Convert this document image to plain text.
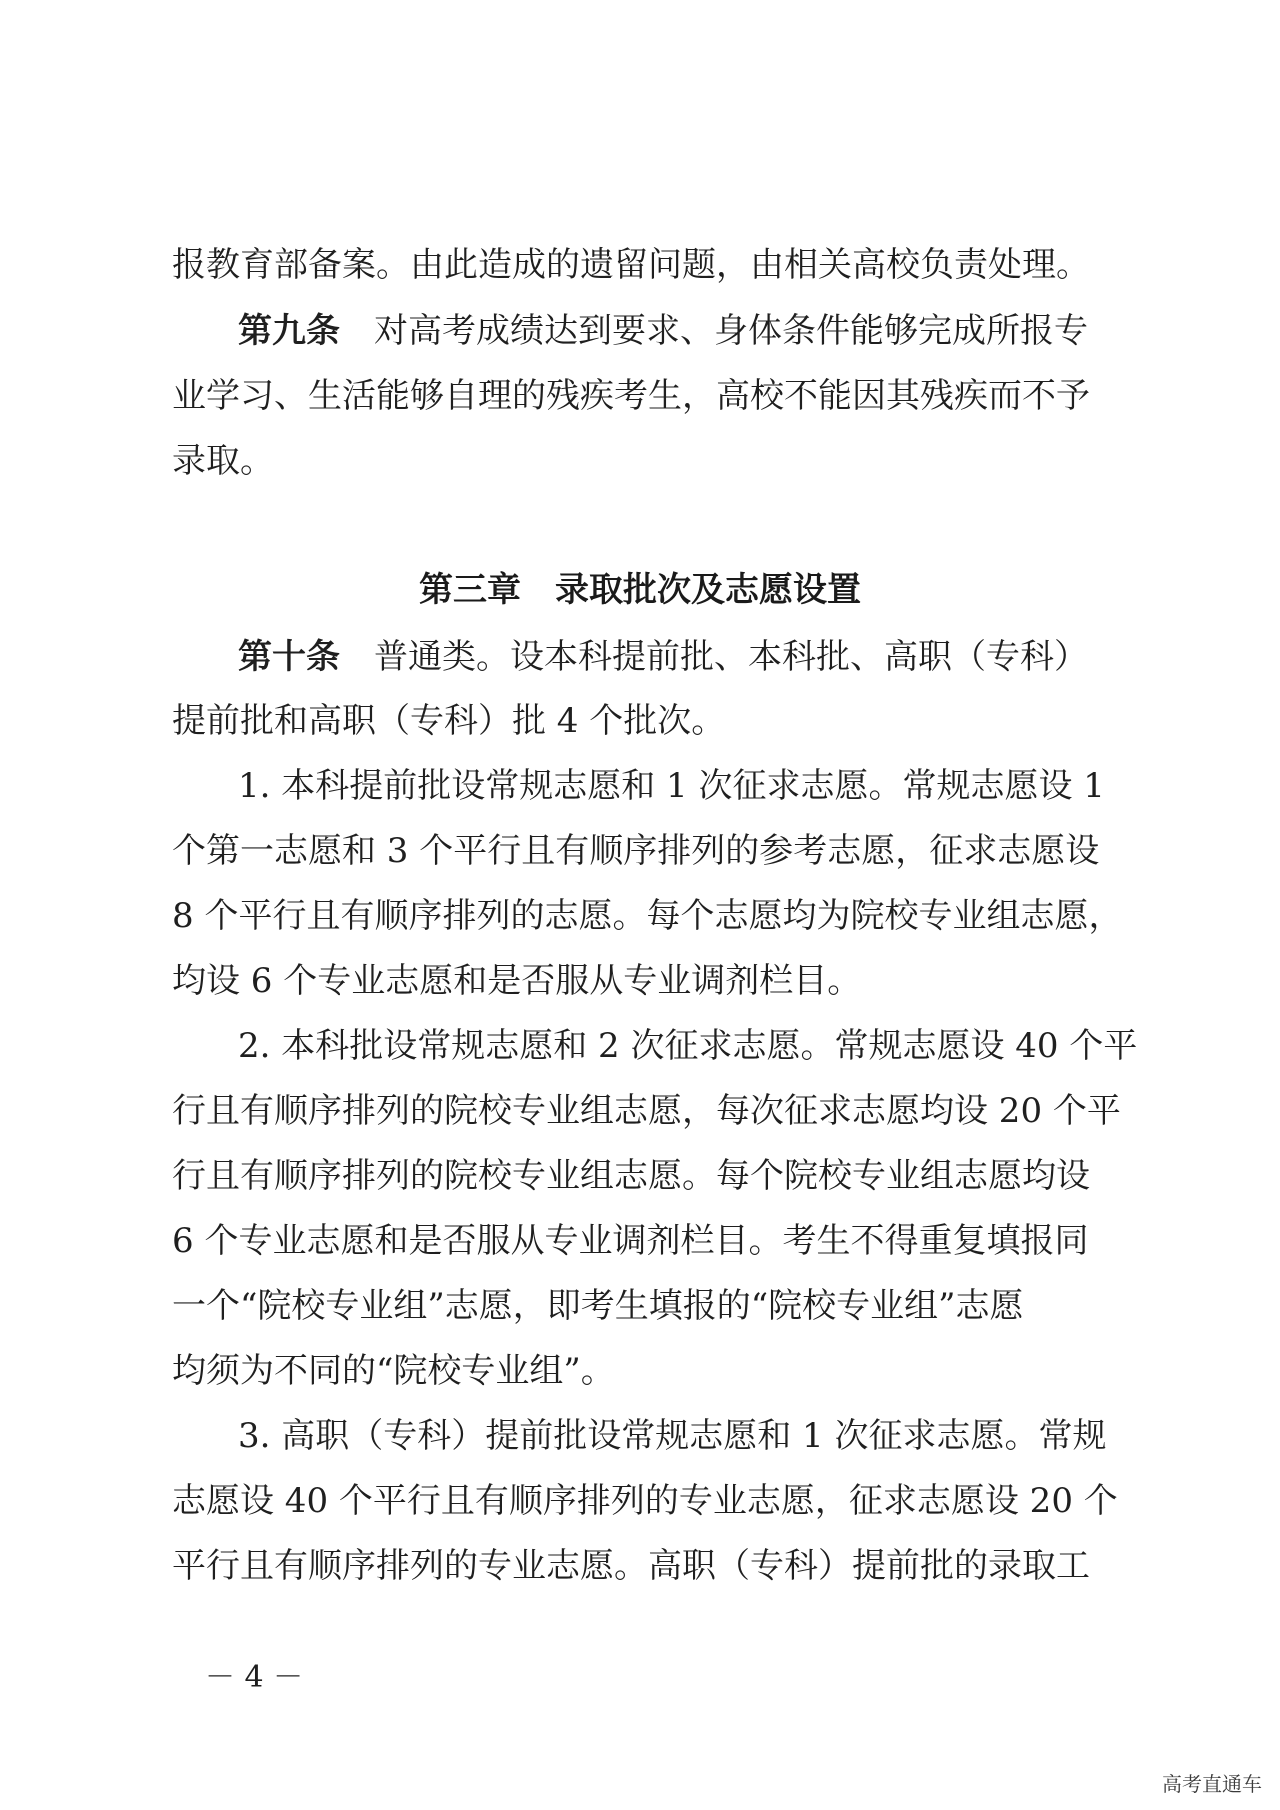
报教育部备案。由此造成的遗留问题，由相关高校负责处理。
第九条 对高考成绩达到要求、身体条件能够完成所报专
业学习、生活能够自理的残疾考生，高校不能因其残疾而不予
录取。
第三章　录取批次及志愿设置
第十条 普通类。设本科提前批、本科批、高职（专科）
提前批和高职（专科）批 4 个批次。
1. 本科提前批设常规志愿和 1 次征求志愿。常规志愿设 1
个第一志愿和 3 个平行且有顺序排列的参考志愿，征求志愿设
8 个平行且有顺序排列的志愿。每个志愿均为院校专业组志愿，
均设 6 个专业志愿和是否服从专业调剂栏目。
2. 本科批设常规志愿和 2 次征求志愿。常规志愿设 40 个平
行且有顺序排列的院校专业组志愿，每次征求志愿均设 20 个平
行且有顺序排列的院校专业组志愿。每个院校专业组志愿均设
6 个专业志愿和是否服从专业调剂栏目。考生不得重复填报同
一个“院校专业组”志愿，即考生填报的“院校专业组”志愿
均须为不同的“院校专业组”。
3. 高职（专科）提前批设常规志愿和 1 次征求志愿。常规
志愿设 40 个平行且有顺序排列的专业志愿，征求志愿设 20 个
平行且有顺序排列的专业志愿。高职（专科）提前批的录取工
－ 4 －
高考直通车
